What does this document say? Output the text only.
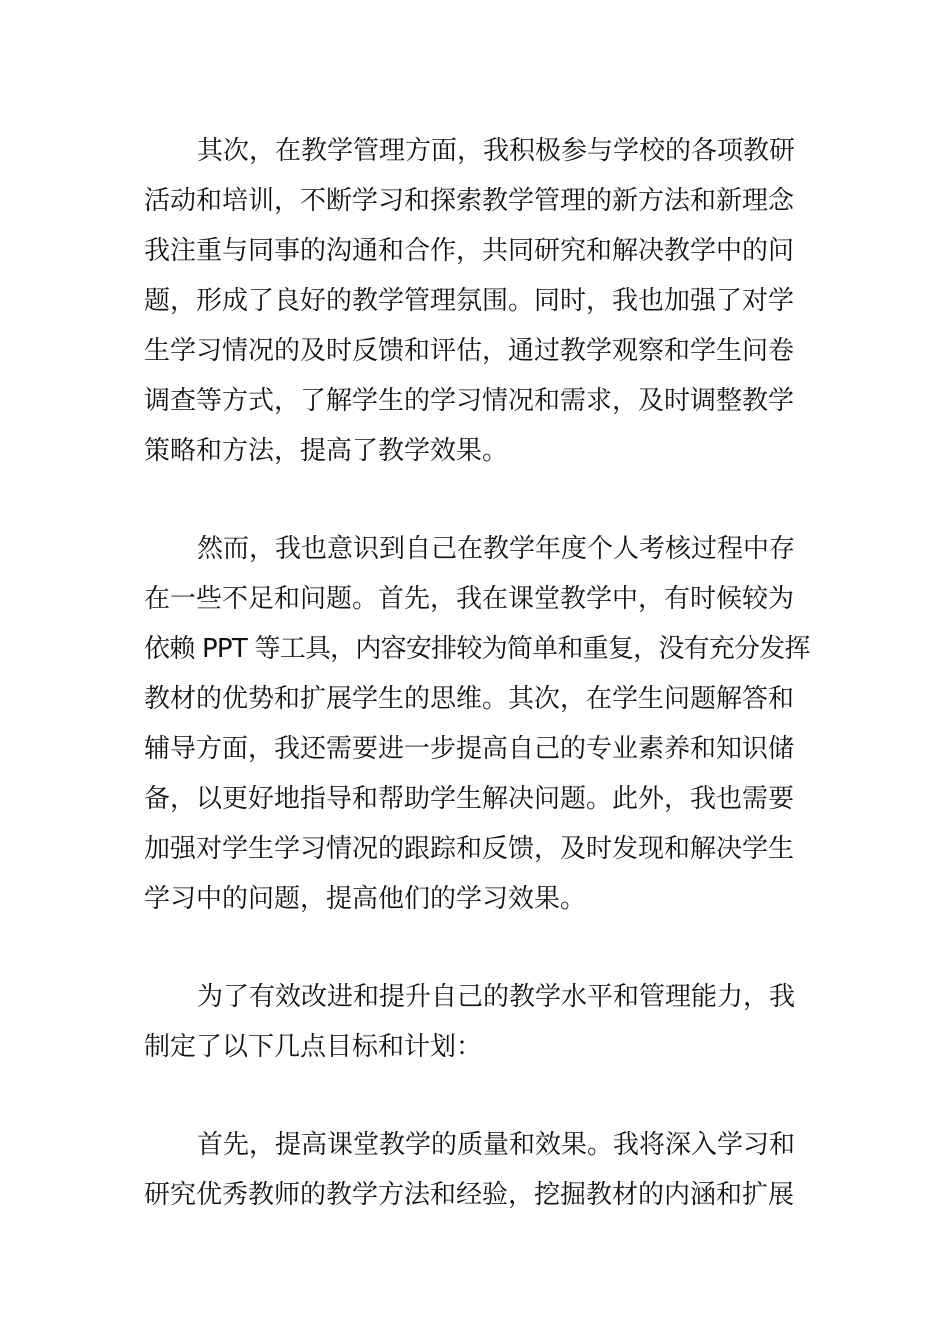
其次，在教学管理方面，我积极参与学校的各项教研
活动和培训，不断学习和探索教学管理的新方法和新理念
我注重与同事的沟通和合作，共同研究和解决教学中的问
题，形成了良好的教学管理氛围。同时，我也加强了对学
生学习情况的及时反馈和评估，通过教学观察和学生问卷
调查等方式，了解学生的学习情况和需求，及时调整教学
策略和方法，提高了教学效果。
然而，我也意识到自己在教学年度个人考核过程中存
在一些不足和问题。首先，我在课堂教学中，有时候较为
依赖 PPT 等工具，内容安排较为简单和重复，没有充分发挥
教材的优势和扩展学生的思维。其次，在学生问题解答和
辅导方面，我还需要进一步提高自己的专业素养和知识储
备，以更好地指导和帮助学生解决问题。此外，我也需要
加强对学生学习情况的跟踪和反馈，及时发现和解决学生
学习中的问题，提高他们的学习效果。
为了有效改进和提升自己的教学水平和管理能力，我
制定了以下几点目标和计划：
首先，提高课堂教学的质量和效果。我将深入学习和
研究优秀教师的教学方法和经验，挖掘教材的内涵和扩展
